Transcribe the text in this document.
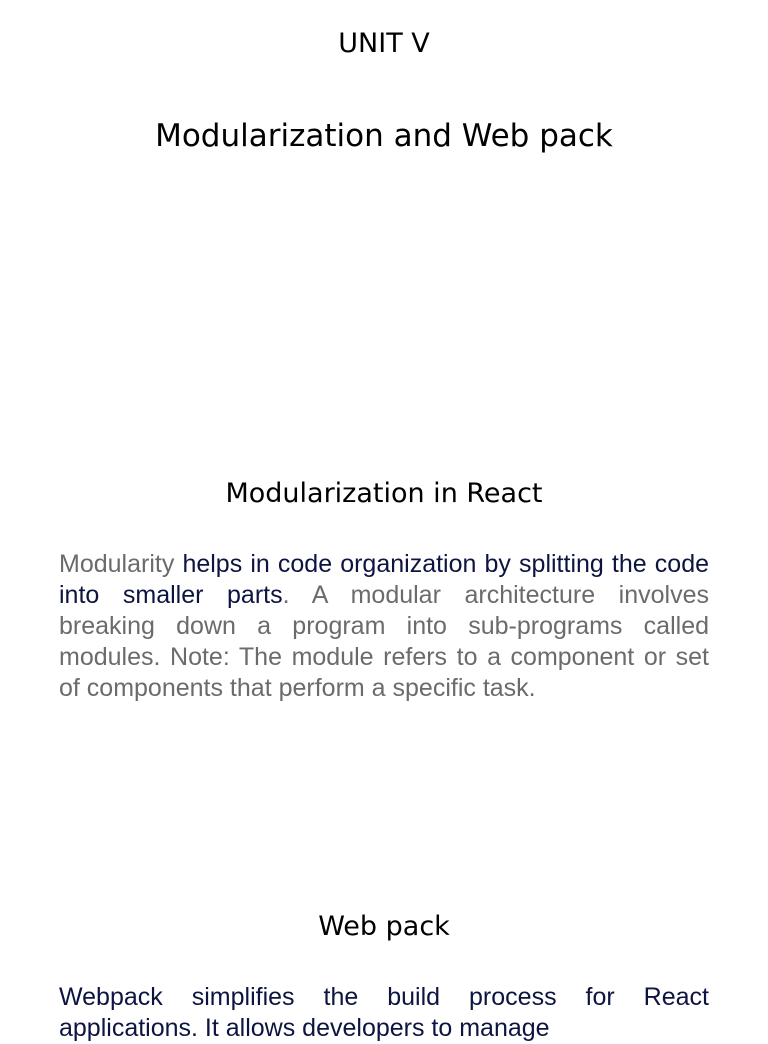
UNIT V
Modularization and Web pack
Modularization in React

Modularity helps in code organization by splitting the code into smaller parts. A modular architecture involves breaking down a program into sub-programs called modules. Note: The module refers to a component or set of components that perform a specific task.

Web pack

Webpack simplifies the build process for React applications. It allows developers to manage
